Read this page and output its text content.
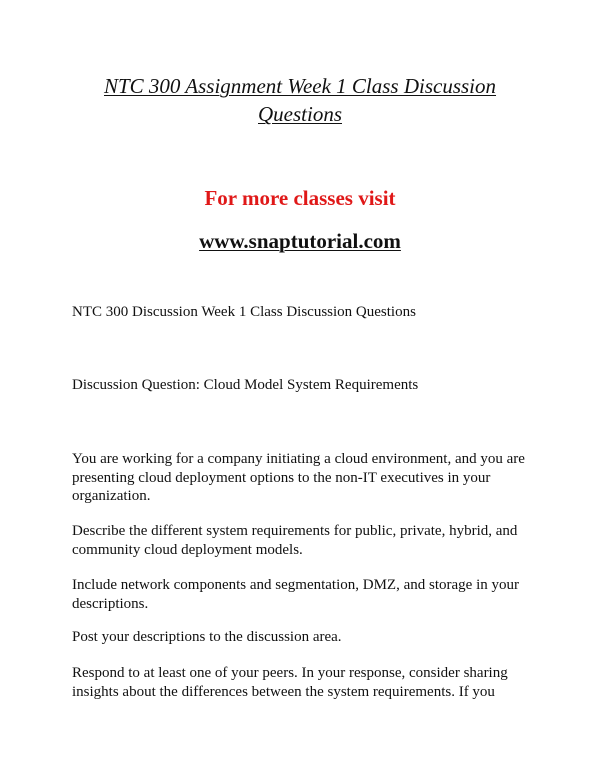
NTC 300 Assignment Week 1 Class Discussion Questions
For more classes visit
www.snaptutorial.com

NTC 300 Discussion Week 1 Class Discussion Questions

Discussion Question: Cloud Model System Requirements

You are working for a company initiating a cloud environment, and you are presenting cloud deployment options to the non-IT executives in your organization.

Describe the different system requirements for public, private, hybrid, and community cloud deployment models.

Include network components and segmentation, DMZ, and storage in your descriptions.

Post your descriptions to the discussion area.

Respond to at least one of your peers. In your response, consider sharing insights about the differences between the system requirements. If you
